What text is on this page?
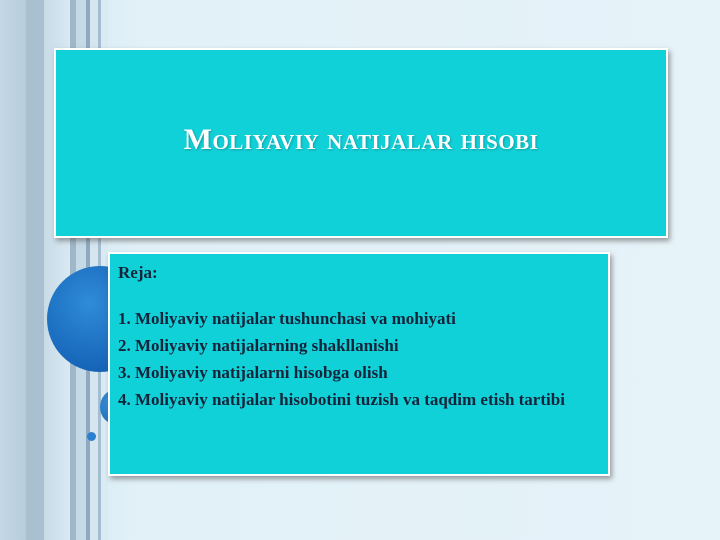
Moliyaviy natijalar hisobi
Reja:
1. Moliyaviy natijalar tushunchasi va mohiyati
2. Moliyaviy natijalarning shakllanishi
3. Moliyaviy natijalarni hisobga olish
4. Moliyaviy natijalar hisobotini tuzish va taqdim etish tartibi
